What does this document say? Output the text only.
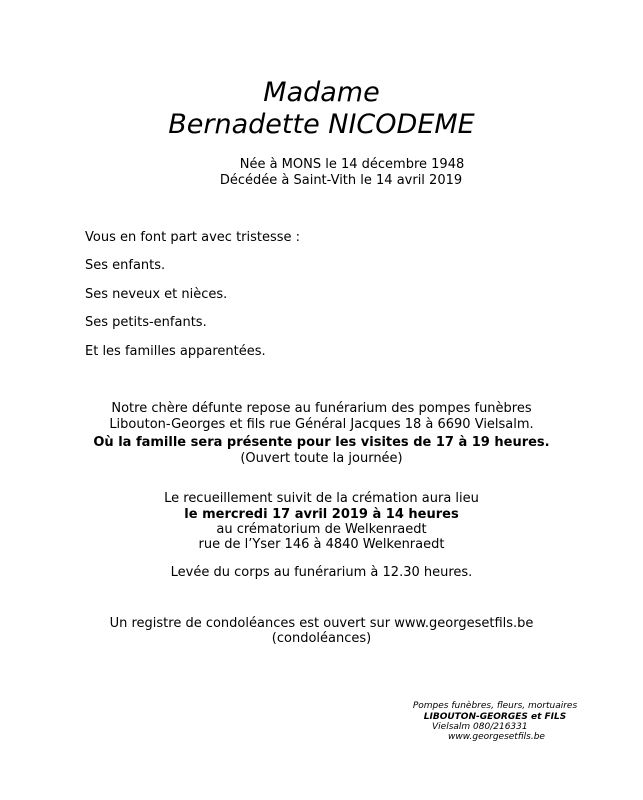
Madame
Bernadette NICODEME
Née à MONS le 14 décembre 1948
Décédée à Saint-Vith le 14 avril 2019
Vous en font part avec tristesse :
Ses enfants.
Ses neveux et nièces.
Ses petits-enfants.
Et les familles apparentées.
Notre chère défunte repose au funérarium des pompes funèbres
Libouton-Georges et fils rue Général Jacques 18 à 6690 Vielsalm.
Où la famille sera présente pour les visites de 17 à 19 heures.
(Ouvert toute la journée)
Le recueillement suivit de la crémation aura lieu
le mercredi 17 avril 2019 à 14 heures
au crématorium de Welkenraedt
rue de l’Yser 146 à 4840 Welkenraedt
Levée du corps au funérarium à 12.30 heures.
Un registre de condoléances est ouvert sur www.georgesetfils.be
(condoléances)
Pompes funèbres, fleurs, mortuaires
LIBOUTON-GEORGES et FILS
Vielsalm 080/216331
www.georgesetfils.be
